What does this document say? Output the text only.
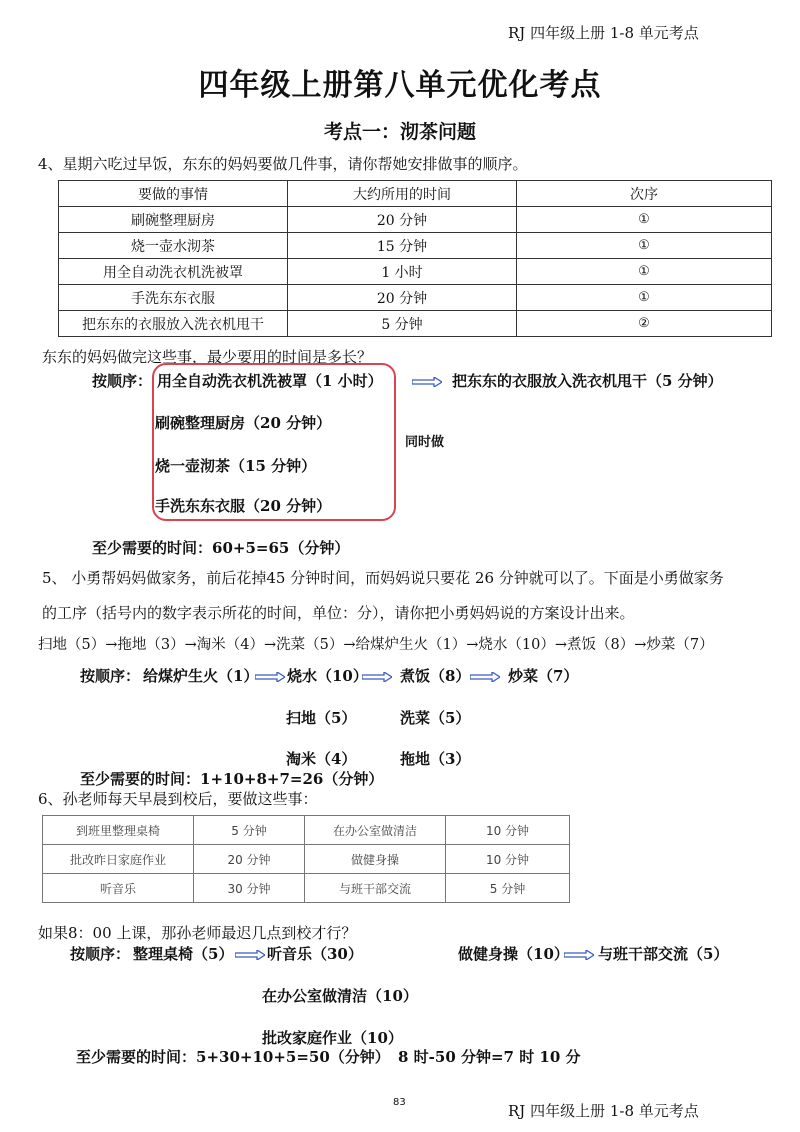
RJ 四年级上册 1-8 单元考点
四年级上册第八单元优化考点
考点一：沏茶问题
4、星期六吃过早饭，东东的妈妈要做几件事，请你帮她安排做事的顺序。
要做的事情	大约所用的时间	次序
刷碗整理厨房	20 分钟	①
烧一壶水沏茶	15 分钟	①
用全自动洗衣机洗被罩	1 小时	①
手洗东东衣服	20 分钟	①
把东东的衣服放入洗衣机甩干	5 分钟	②
东东的妈妈做完这些事，最少要用的时间是多长？
按顺序： 用全自动洗衣机洗被罩（1 小时）	把东东的衣服放入洗衣机甩干（5 分钟）
刷碗整理厨房（20 分钟）
烧一壶沏茶（15 分钟）
手洗东东衣服（20 分钟）
同时做
至少需要的时间：60+5=65（分钟）
5、 小勇帮妈妈做家务，前后花掉45 分钟时间，而妈妈说只要花 26 分钟就可以了。下面是小勇做家务
的工序（括号内的数字表示所花的时间，单位：分），请你把小勇妈妈说的方案设计出来。
扫地（5）→拖地（3）→淘米（4）→洗菜（5）→给煤炉生火（1）→烧水（10）→煮饭（8）→炒菜（7）
按顺序： 给煤炉生火（1） 烧水（10） 煮饭（8）	炒菜（7）
扫地（5）	洗菜（5）
淘米（4）	拖地（3）
至少需要的时间：1+10+8+7=26（分钟）
6、孙老师每天早晨到校后，要做这些事：
到班里整理桌椅	5 分钟	在办公室做清洁	10 分钟
批改昨日家庭作业	20 分钟	做健身操	10 分钟
听音乐	30 分钟	与班干部交流	5 分钟
如果8：00 上课，那孙老师最迟几点到校才行？
按顺序： 整理桌椅（5） 听音乐（30）	做健身操（10） 与班干部交流（5）
在办公室做清洁（10）
批改家庭作业（10）
至少需要的时间：5+30+10+5=50（分钟） 8 时-50 分钟=7 时 10 分
83	RJ 四年级上册 1-8 单元考点
